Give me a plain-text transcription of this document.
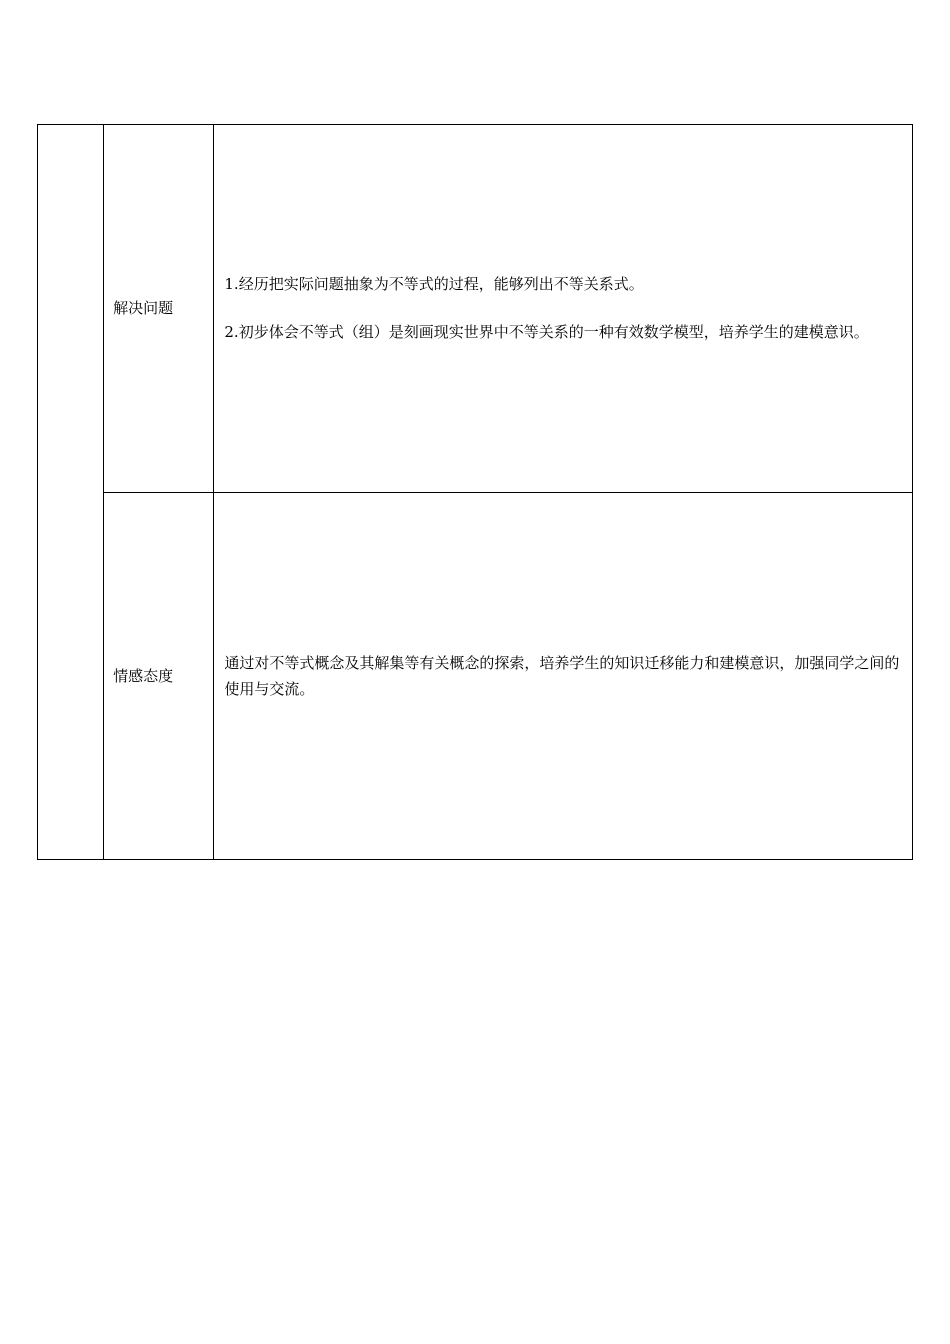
	解决问题	1.经历把实际问题抽象为不等式的过程，能够列出不等关系式。

2.初步体会不等式（组）是刻画现实世界中不等关系的一种有效数学模型，培养学生的建模意识。

	情感态度	通过对不等式概念及其解集等有关概念的探索，培养学生的知识迁移能力和建模意识，加强同学之间的使用与交流。
